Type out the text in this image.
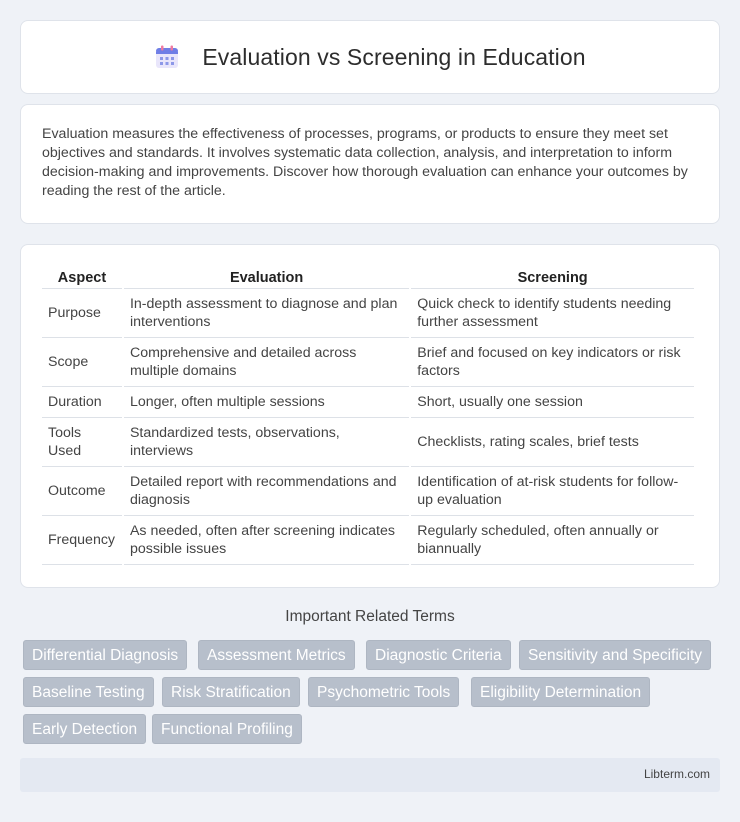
Evaluation vs Screening in Education

Evaluation measures the effectiveness of processes, programs, or products to ensure they meet set objectives and standards. It involves systematic data collection, analysis, and interpretation to inform decision-making and improvements. Discover how thorough evaluation can enhance your outcomes by reading the rest of the article.

Aspect	Evaluation	Screening
Purpose	In-depth assessment to diagnose and plan interventions	Quick check to identify students needing further assessment
Scope	Comprehensive and detailed across multiple domains	Brief and focused on key indicators or risk factors
Duration	Longer, often multiple sessions	Short, usually one session
Tools Used	Standardized tests, observations, interviews	Checklists, rating scales, brief tests
Outcome	Detailed report with recommendations and diagnosis	Identification of at-risk students for follow-up evaluation
Frequency	As needed, often after screening indicates possible issues	Regularly scheduled, often annually or biannually
Important Related Terms
Differential Diagnosis	Assessment Metrics	Diagnostic Criteria	Sensitivity and Specificity
Baseline Testing	Risk Stratification	Psychometric Tools	Eligibility Determination
Early Detection	Functional Profiling
Libterm.com
